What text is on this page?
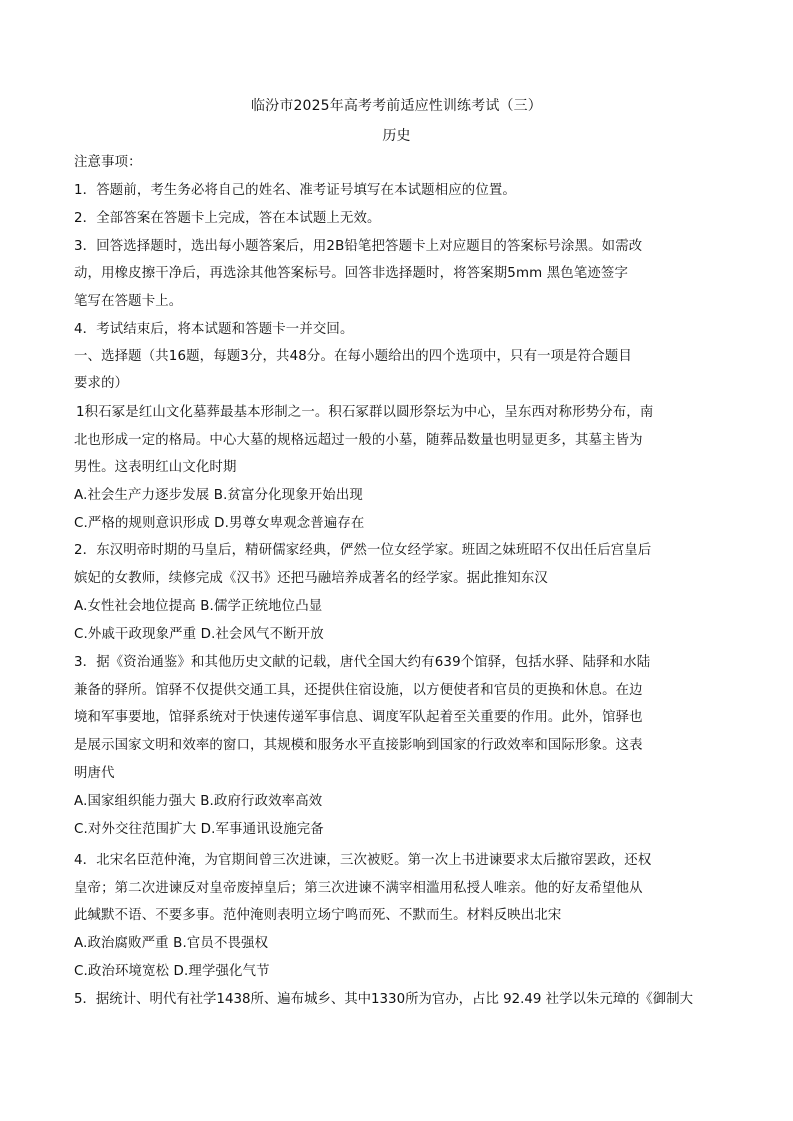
临汾市2025年高考考前适应性训练考试（三）
历史
注意事项：
1．答题前，考生务必将自己的姓名、准考证号填写在本试题相应的位置。
2．全部答案在答题卡上完成，答在本试题上无效。
3．回答选择题时，选出每小题答案后，用2B铅笔把答题卡上对应题目的答案标号涂黑。如需改
动，用橡皮擦干净后，再选涂其他答案标号。回答非选择题时，将答案期5mm 黑色笔迹签字
笔写在答题卡上。
4．考试结束后，将本试题和答题卡一并交回。
一、选择题（共16题，每题3分，共48分。在每小题给出的四个选项中，只有一项是符合题目
要求的）
1积石冢是红山文化墓葬最基本形制之一。积石冢群以圆形祭坛为中心，呈东西对称形势分布，南
北也形成一定的格局。中心大墓的规格远超过一般的小墓，随葬品数量也明显更多，其墓主皆为
男性。这表明红山文化时期
A.社会生产力逐步发展 B.贫富分化现象开始出现
C.严格的规则意识形成 D.男尊女卑观念普遍存在
2．东汉明帝时期的马皇后，精研儒家经典，俨然一位女经学家。班固之妹班昭不仅出任后宫皇后
嫔妃的女教师，续修完成《汉书》还把马融培养成著名的经学家。据此推知东汉
A.女性社会地位提高 B.儒学正统地位凸显
C.外戚干政现象严重 D.社会风气不断开放
3．据《资治通鉴》和其他历史文献的记载，唐代全国大约有639个馆驿，包括水驿、陆驿和水陆
兼备的驿所。馆驿不仅提供交通工具，还提供住宿设施，以方便使者和官员的更换和休息。在边
境和军事要地，馆驿系统对于快速传递军事信息、调度军队起着至关重要的作用。此外，馆驿也
是展示国家文明和效率的窗口，其规模和服务水平直接影响到国家的行政效率和国际形象。这表
明唐代
A.国家组织能力强大 B.政府行政效率高效
C.对外交往范围扩大 D.军事通讯设施完备
4．北宋名臣范仲淹，为官期间曾三次进谏，三次被贬。第一次上书进谏要求太后撤帘罢政，还权
皇帝；第二次进谏反对皇帝废掉皇后；第三次进谏不满宰相滥用私授人唯亲。他的好友希望他从
此缄默不语、不要多事。范仲淹则表明立场宁鸣而死、不默而生。材料反映出北宋
A.政治腐败严重 B.官员不畏强权
C.政治环境宽松 D.理学强化气节
5．据统计、明代有社学1438所、遍布城乡、其中1330所为官办，占比 92.49 社学以朱元璋的《御制大
